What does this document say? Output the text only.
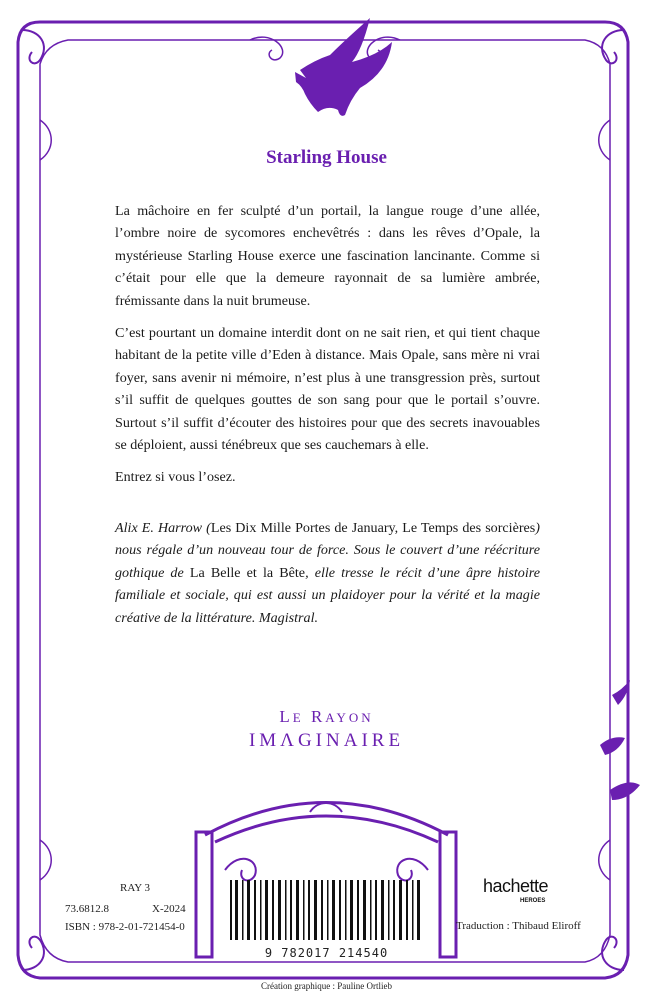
Starling House

La mâchoire en fer sculpté d’un portail, la langue rouge d’une allée, l’ombre noire de sycomores enchevêtrés : dans les rêves d’Opale, la mystérieuse Starling House exerce une fascination lancinante. Comme si c’était pour elle que la demeure rayonnait de sa lumière ambrée, frémissante dans la nuit brumeuse.

C’est pourtant un domaine interdit dont on ne sait rien, et qui tient chaque habitant de la petite ville d’Eden à distance. Mais Opale, sans mère ni vrai foyer, sans avenir ni mémoire, n’est plus à une transgression près, surtout s’il suffit de quelques gouttes de son sang pour que le portail s’ouvre. Surtout s’il suffit d’écouter des histoires pour que des secrets inavouables se déploient, aussi ténébreux que ses cauchemars à elle.

Entrez si vous l’osez.

Alix E. Harrow (Les Dix Mille Portes de January, Le Temps des sorcières) nous régale d’un nouveau tour de force. Sous le couvert d’une réécriture gothique de La Belle et la Bête, elle tresse le récit d’une âpre histoire familiale et sociale, qui est aussi un plaidoyer pour la vérité et la magie créative de la littérature. Magistral.
LE RAYON
IMΛGINAIRE
RAY 3
73.6812.8	X-2024
ISBN : 978-2-01-721454-0
9 782017 214540
hachette
HEROES
Traduction : Thibaud Eliroff
Création graphique : Pauline Ortlieb
